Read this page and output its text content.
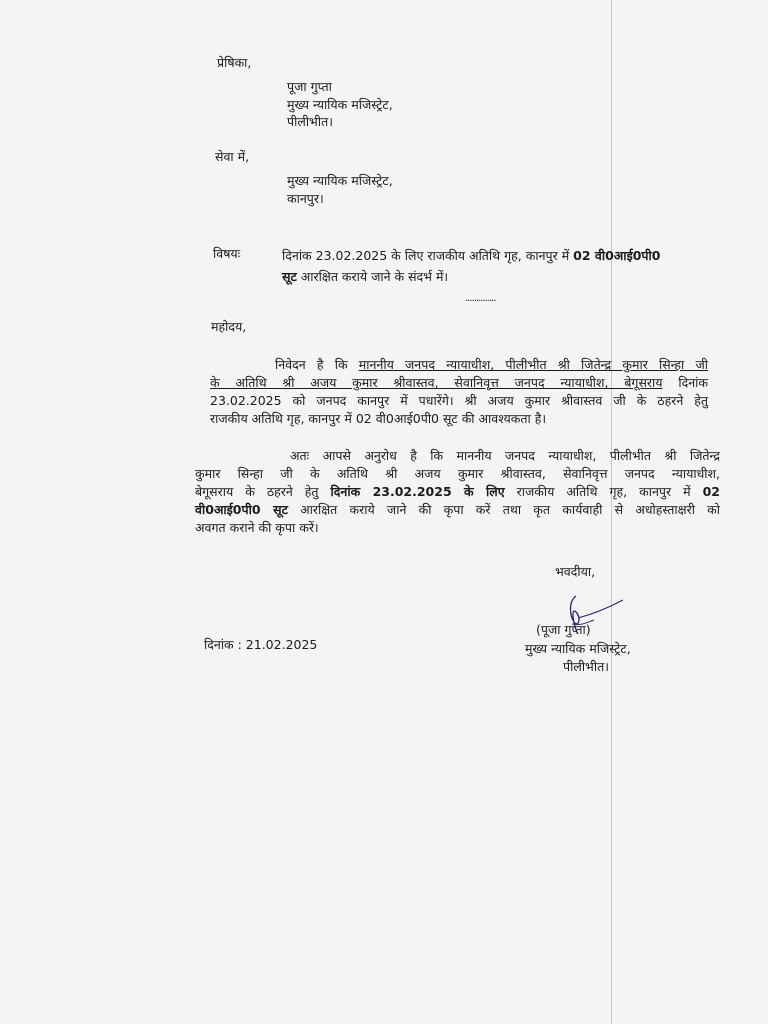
प्रेषिका,
पूजा गुप्ता
मुख्य न्यायिक मजिस्ट्रेट,
पीलीभीत।
सेवा में,
मुख्य न्यायिक मजिस्ट्रेट,
कानपुर।
विषयः	दिनांक 23.02.2025 के लिए राजकीय अतिथि गृह, कानपुर में 02 वी0आई0पी0
सूट आरक्षित कराये जाने के संदर्भ में।
..............
महोदय,
निवेदन है कि माननीय जनपद न्यायाधीश, पीलीभीत श्री जितेन्द्र कुमार सिन्हा जी
के अतिथि श्री अजय कुमार श्रीवास्तव, सेवानिवृत्त जनपद न्यायाधीश, बेगूसराय दिनांक
23.02.2025 को जनपद कानपुर में पधारेंगे। श्री अजय कुमार श्रीवास्तव जी के ठहरने हेतु
राजकीय अतिथि गृह, कानपुर में 02 वी0आई0पी0 सूट की आवश्यकता है।
अतः आपसे अनुरोध है कि माननीय जनपद न्यायाधीश, पीलीभीत श्री जितेन्द्र
कुमार सिन्हा जी के अतिथि श्री अजय कुमार श्रीवास्तव, सेवानिवृत्त जनपद न्यायाधीश,
बेगूसराय के ठहरने हेतु दिनांक 23.02.2025 के लिए राजकीय अतिथि गृह, कानपुर में 02
वी0आई0पी0 सूट आरक्षित कराये जाने की कृपा करें तथा कृत कार्यवाही से अधोहस्ताक्षरी को
अवगत कराने की कृपा करें।
भवदीया,
(पूजा गुप्ता)
मुख्य न्यायिक मजिस्ट्रेट,
पीलीभीत।
दिनांक : 21.02.2025
